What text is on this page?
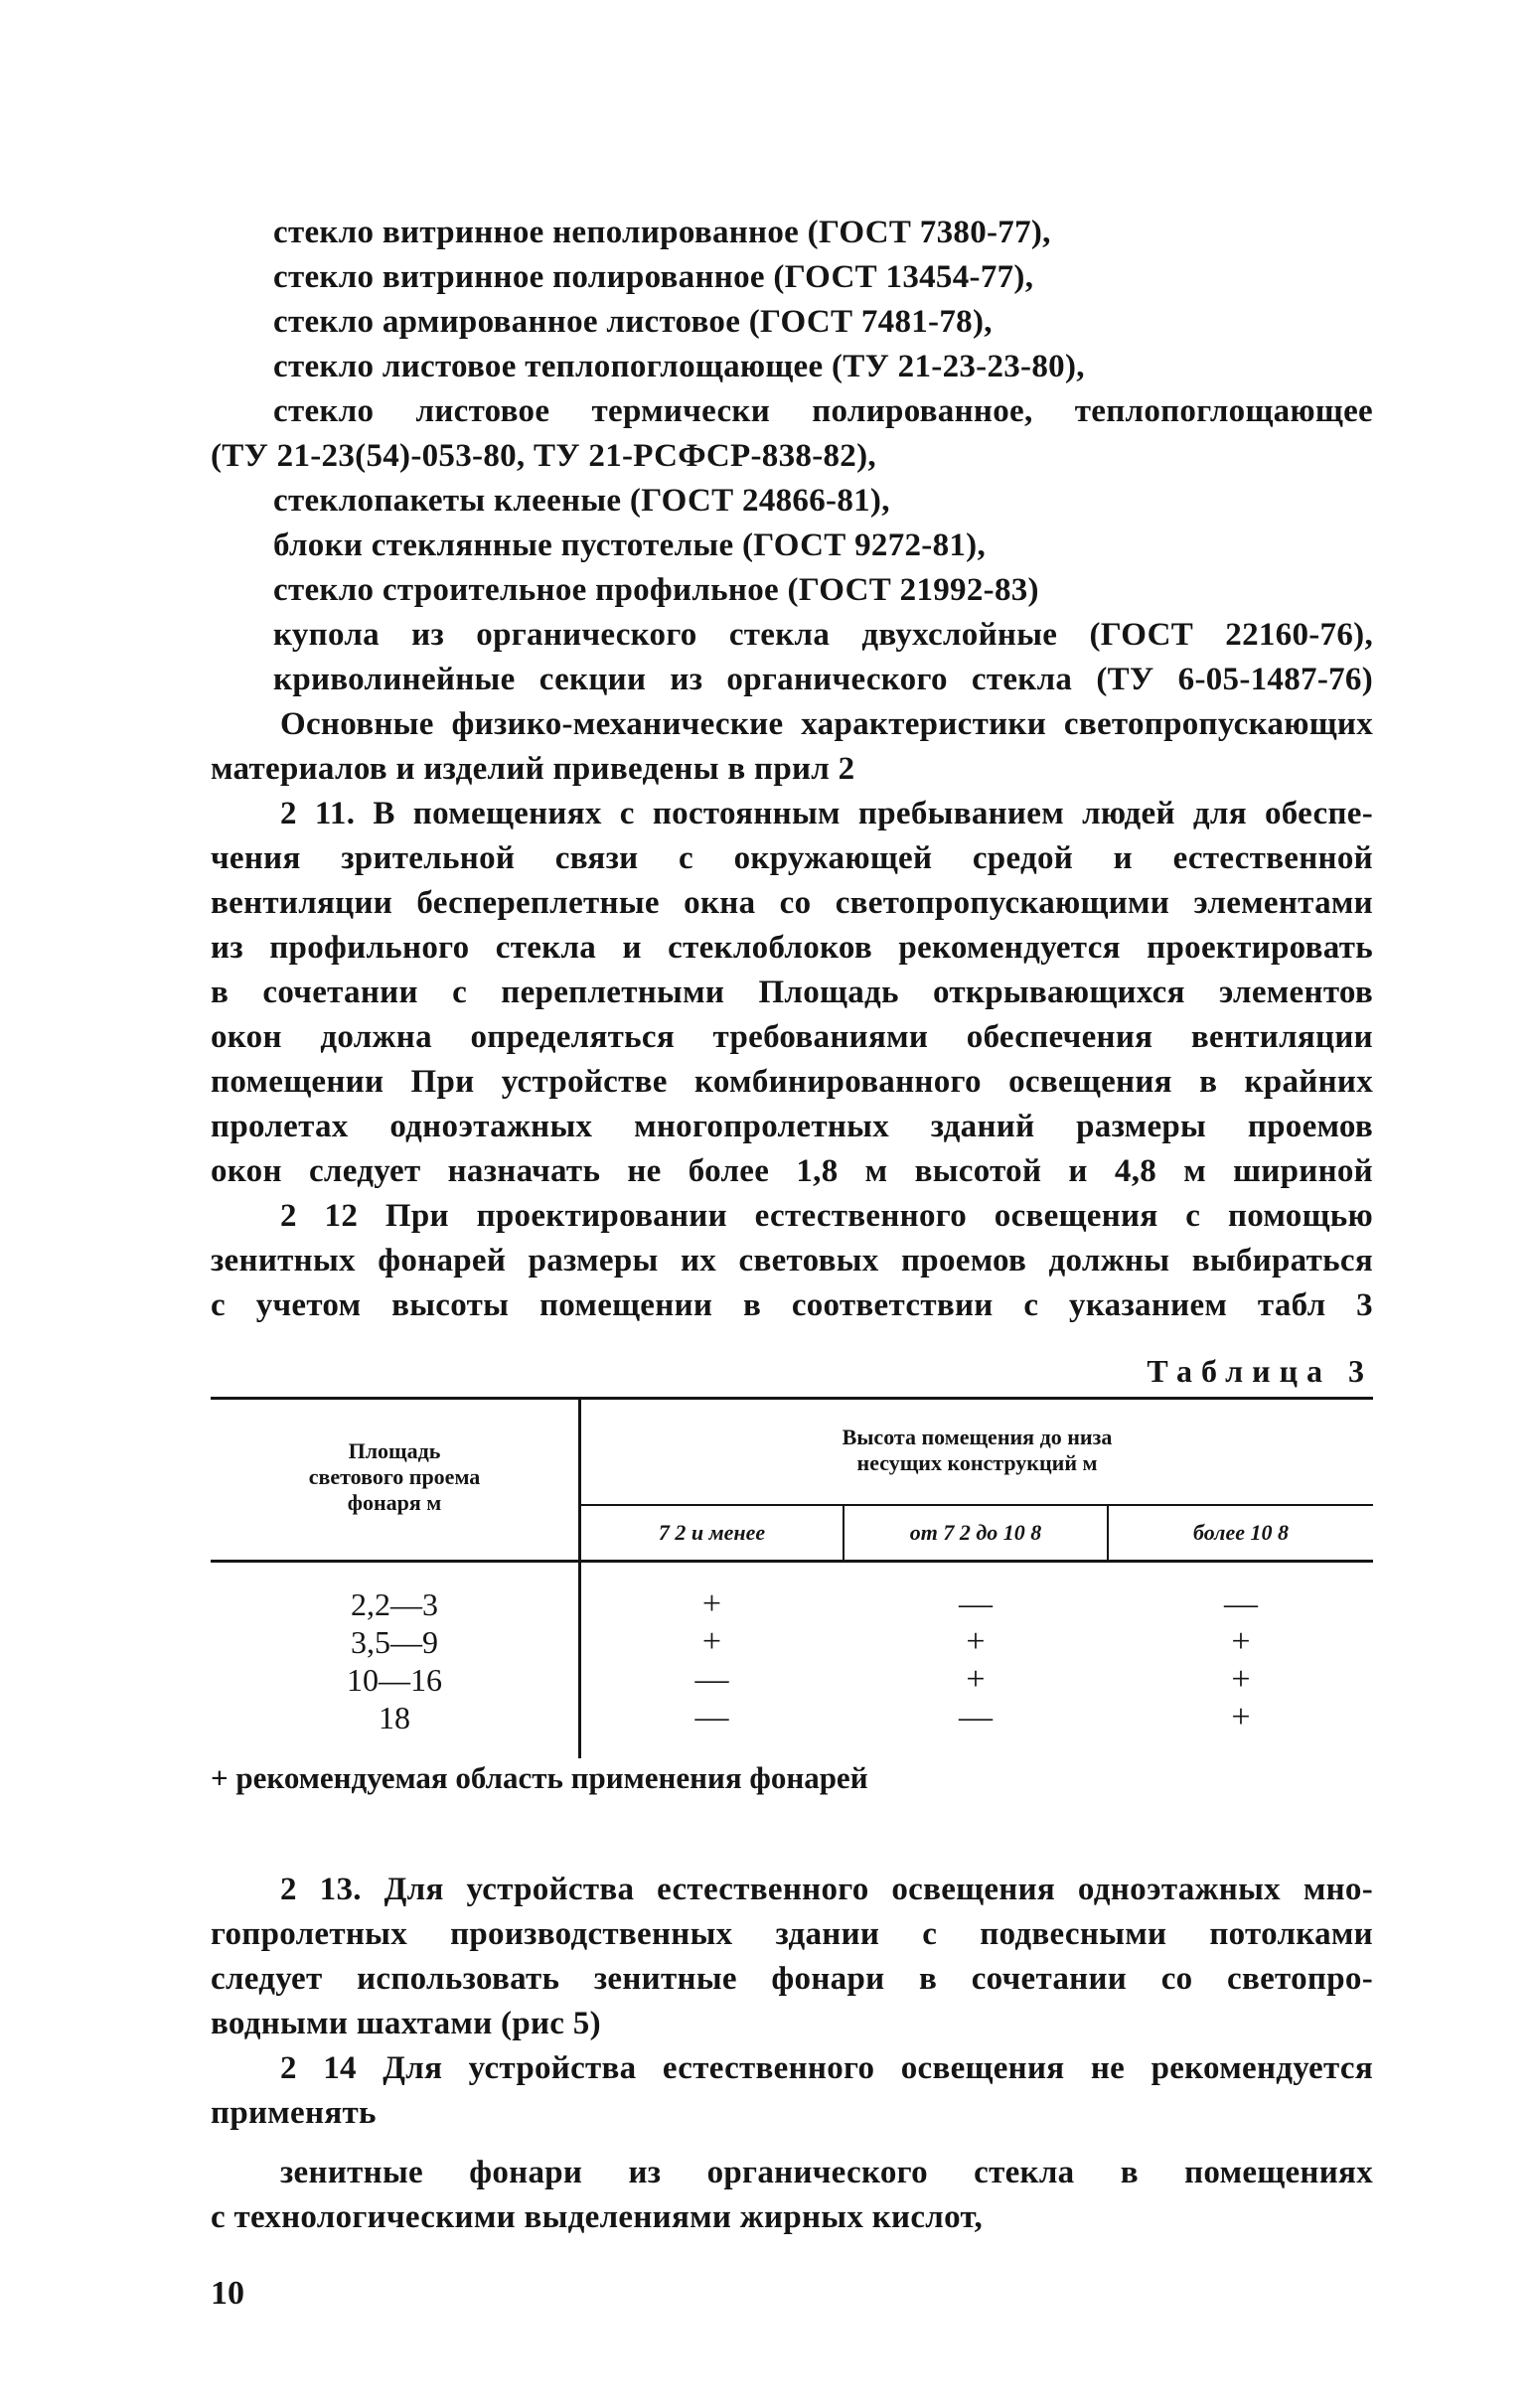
стекло витринное неполированное (ГОСТ 7380-77),
стекло витринное полированное (ГОСТ 13454-77),
стекло армированное листовое (ГОСТ 7481-78),
стекло листовое теплопоглощающее (ТУ 21-23-23-80),
стекло листовое термически полированное, теплопоглощающее
(ТУ 21-23(54)-053-80, ТУ 21-РСФСР-838-82),
стеклопакеты клееные (ГОСТ 24866-81),
блоки стеклянные пустотелые (ГОСТ 9272-81),
стекло строительное профильное (ГОСТ 21992-83)
купола из органического стекла двухслойные (ГОСТ 22160-76),
криволинейные секции из органического стекла (ТУ 6-05-1487-76)
Основные физико-механические характеристики светопропускающих
материалов и изделий приведены в прил 2
2 11. В помещениях с постоянным пребыванием людей для обеспе-
чения зрительной связи с окружающей средой и естественной
вентиляции бесперeплетные окна со светопропускающими элементами
из профильного стекла и стеклоблоков рекомендуется проектировать
в сочетании с переплетными Площадь открывающихся элементов
окон должна определяться требованиями обеспечения вентиляции
помещении При устройстве комбинированного освещения в крайних
пролетах одноэтажных многопролетных зданий размеры проемов
окон следует назначать не более 1,8 м высотой и 4,8 м шириной
2 12 При проектировании естественного освещения с помощью
зенитных фонарей размеры их световых проемов должны выбираться
с учетом высоты помещении в соответствии с указанием табл 3
Таблица 3
Площадь
светового проема
фонаря м
Высота помещения до низа
несущих конструкций м
7 2 и менее	от 7 2 до 10 8	более 10 8
2,2—3	+	—	—
3,5—9	+	+	+
10—16	—	+	+
18	—	—	+
+ рекомендуемая область применения фонарей
2 13. Для устройства естественного освещения одноэтажных мно-
гопролетных производственных здании с подвесными потолками
следует использовать зенитные фонари в сочетании со светопро-
водными шахтами (рис 5)
2 14 Для устройства естественного освещения не рекомендуется
применять
зенитные фонари из органического стекла в помещениях
с технологическими выделениями жирных кислот,
10
